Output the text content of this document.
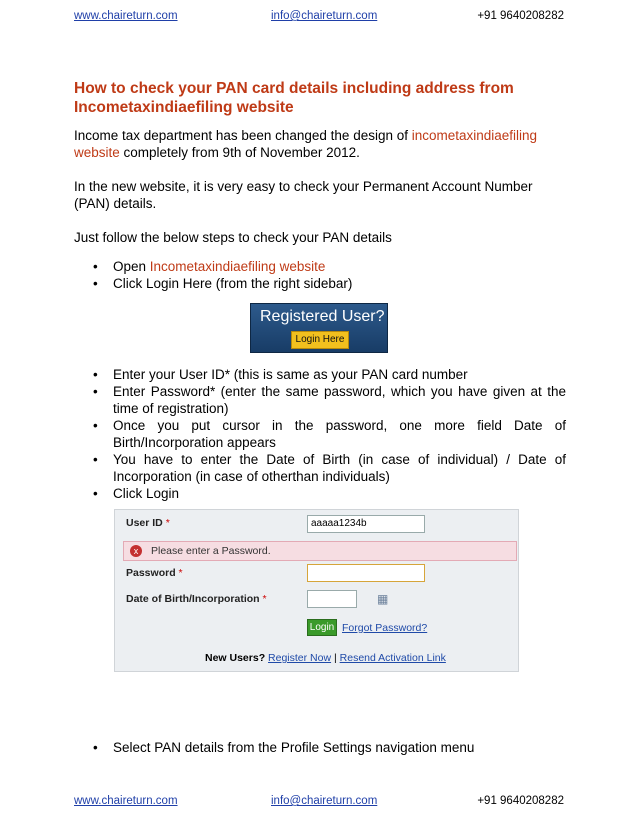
www.chaireturn.com	info@chaireturn.com	+91 9640208282
How to check your PAN card details including address from Incometaxindiaefiling website

Income tax department has been changed the design of incometaxindiaefiling website completely from 9th of November 2012.

In the new website, it is very easy to check your Permanent Account Number (PAN) details.

Just follow the below steps to check your PAN details

• Open Incometaxindiaefiling website
• Click Login Here (from the right sidebar)
Registered User?
Login Here
• Enter your User ID* (this is same as your PAN card number
• Enter Password* (enter the same password, which you have given at the time of registration)
• Once you put cursor in the password, one more field Date of Birth/Incorporation appears
• You have to enter the Date of Birth (in case of individual) / Date of Incorporation (in case of otherthan individuals)
• Click Login
User ID *	aaaaa1234b
x	Please enter a Password.
Password *
Date of Birth/Incorporation *	▦
Login Forgot Password?
New Users? Register Now | Resend Activation Link
• Select PAN details from the Profile Settings navigation menu
www.chaireturn.com	info@chaireturn.com	+91 9640208282
